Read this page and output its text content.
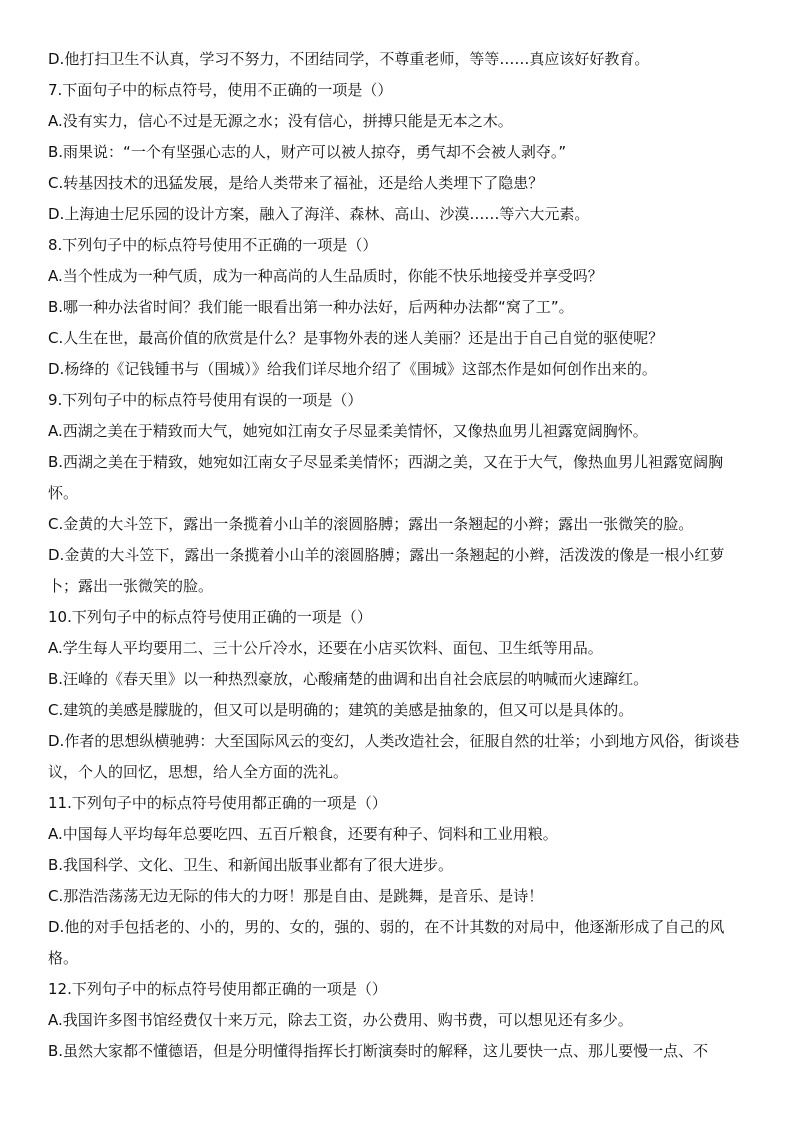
D.他打扫卫生不认真，学习不努力，不团结同学，不尊重老师，等等……真应该好好教育。
7.下面句子中的标点符号，使用不正确的一项是（）
A.没有实力，信心不过是无源之水；没有信心，拼搏只能是无本之木。
B.雨果说：“一个有坚强心志的人，财产可以被人掠夺，勇气却不会被人剥夺。”
C.转基因技术的迅猛发展，是给人类带来了福祉，还是给人类埋下了隐患？
D.上海迪士尼乐园的设计方案，融入了海洋、森林、高山、沙漠……等六大元素。
8.下列句子中的标点符号使用不正确的一项是（）
A.当个性成为一种气质，成为一种高尚的人生品质时，你能不快乐地接受并享受吗？
B.哪一种办法省时间？我们能一眼看出第一种办法好，后两种办法都“窝了工”。
C.人生在世，最高价值的欣赏是什么？是事物外表的迷人美丽？还是出于自己自觉的驱使呢？
D.杨绛的《记钱锺书与（围城）》给我们详尽地介绍了《围城》这部杰作是如何创作出来的。
9.下列句子中的标点符号使用有误的一项是（）
A.西湖之美在于精致而大气，她宛如江南女子尽显柔美情怀，又像热血男儿袒露宽阔胸怀。
B.西湖之美在于精致，她宛如江南女子尽显柔美情怀；西湖之美，又在于大气，像热血男儿袒露宽阔胸怀。
C.金黄的大斗笠下，露出一条揽着小山羊的滚圆胳膊；露出一条翘起的小辫；露出一张微笑的脸。
D.金黄的大斗笠下，露出一条揽着小山羊的滚圆胳膊；露出一条翘起的小辫，活泼泼的像是一根小红萝卜；露出一张微笑的脸。
10.下列句子中的标点符号使用正确的一项是（）
A.学生每人平均要用二、三十公斤冷水，还要在小店买饮料、面包、卫生纸等用品。
B.汪峰的《春天里》以一种热烈豪放，心酸痛楚的曲调和出自社会底层的呐喊而火速蹿红。
C.建筑的美感是朦胧的，但又可以是明确的；建筑的美感是抽象的，但又可以是具体的。
D.作者的思想纵横驰骋：大至国际风云的变幻，人类改造社会，征服自然的壮举；小到地方风俗，街谈巷议，个人的回忆，思想，给人全方面的洗礼。
11.下列句子中的标点符号使用都正确的一项是（）
A.中国每人平均每年总要吃四、五百斤粮食，还要有种子、饲料和工业用粮。
B.我国科学、文化、卫生、和新闻出版事业都有了很大进步。
C.那浩浩荡荡无边无际的伟大的力呀！那是自由、是跳舞，是音乐、是诗！
D.他的对手包括老的、小的，男的、女的，强的、弱的，在不计其数的对局中，他逐渐形成了自己的风格。
12.下列句子中的标点符号使用都正确的一项是（）
A.我国许多图书馆经费仅十来万元，除去工资，办公费用、购书费，可以想见还有多少。
B.虽然大家都不懂德语，但是分明懂得指挥长打断演奏时的解释，这儿要快一点、那儿要慢一点、不
